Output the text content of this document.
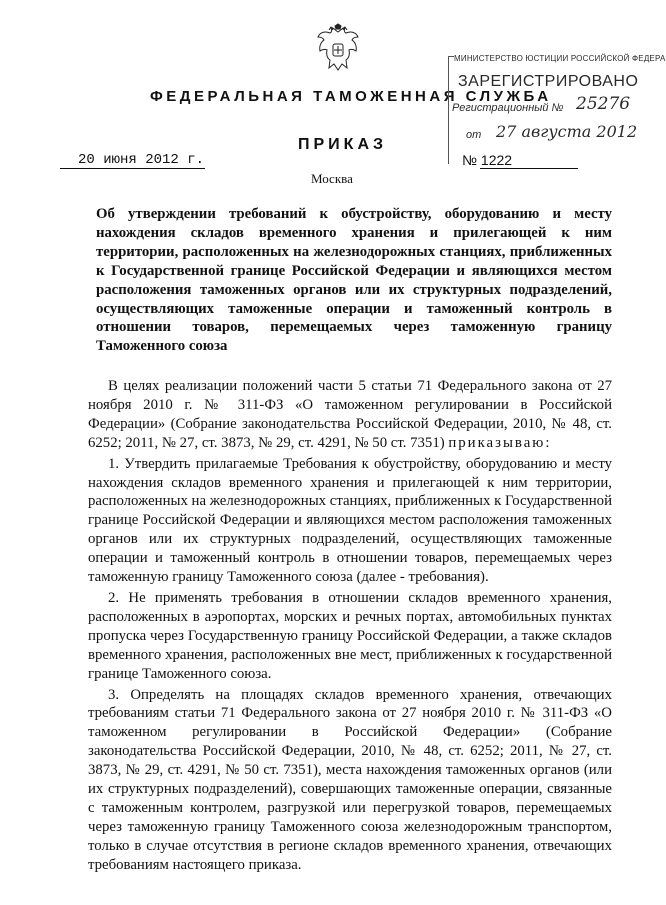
ФЕДЕРАЛЬНАЯ ТАМОЖЕННАЯ СЛУЖБА
МИНИСТЕРСТВО ЮСТИЦИИ РОССИЙСКОЙ ФЕДЕРА
ЗАРЕГИСТРИРОВАНО
Регистрационный № 25276
от 27 августа 2012
ПРИКАЗ
20 июня 2012 г.	№ 1222
Москва
Об утверждении требований к обустройству, оборудованию и месту нахождения складов временного хранения и прилегающей к ним территории, расположенных на железнодорожных станциях, приближенных к Государственной границе Российской Федерации и являющихся местом расположения таможенных органов или их структурных подразделений, осуществляющих таможенные операции и таможенный контроль в отношении товаров, перемещаемых через таможенную границу Таможенного союза

В целях реализации положений части 5 статьи 71 Федерального закона от 27 ноября 2010 г. № 311-ФЗ «О таможенном регулировании в Российской Федерации» (Собрание законодательства Российской Федерации, 2010, № 48, ст. 6252; 2011, № 27, ст. 3873, № 29, ст. 4291, № 50 ст. 7351) приказываю:

1. Утвердить прилагаемые Требования к обустройству, оборудованию и месту нахождения складов временного хранения и прилегающей к ним территории, расположенных на железнодорожных станциях, приближенных к Государственной границе Российской Федерации и являющихся местом расположения таможенных органов или их структурных подразделений, осуществляющих таможенные операции и таможенный контроль в отношении товаров, перемещаемых через таможенную границу Таможенного союза (далее - требования).

2. Не применять требования в отношении складов временного хранения, расположенных в аэропортах, морских и речных портах, автомобильных пунктах пропуска через Государственную границу Российской Федерации, а также складов временного хранения, расположенных вне мест, приближенных к государственной границе Таможенного союза.

3. Определять на площадях складов временного хранения, отвечающих требованиям статьи 71 Федерального закона от 27 ноября 2010 г. № 311-ФЗ «О таможенном регулировании в Российской Федерации» (Собрание законодательства Российской Федерации, 2010, № 48, ст. 6252; 2011, № 27, ст. 3873, № 29, ст. 4291, № 50 ст. 7351), места нахождения таможенных органов (или их структурных подразделений), совершающих таможенные операции, связанные с таможенным контролем, разгрузкой или перегрузкой товаров, перемещаемых через таможенную границу Таможенного союза железнодорожным транспортом, только в случае отсутствия в регионе складов временного хранения, отвечающих требованиям настоящего приказа.
